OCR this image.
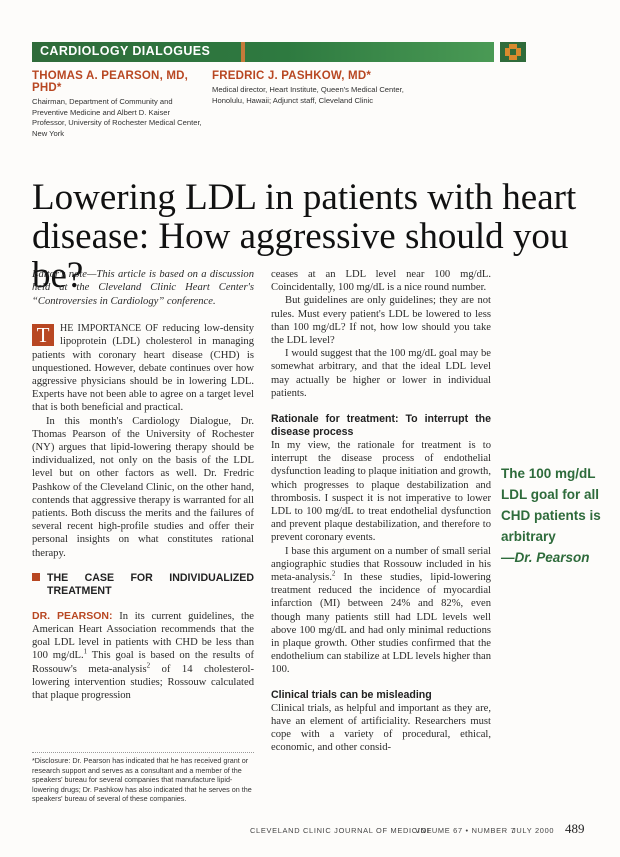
CARDIOLOGY DIALOGUES
THOMAS A. PEARSON, MD, PHD*
Chairman, Department of Community and Preventive Medicine and Albert D. Kaiser Professor, University of Rochester Medical Center, New York
FREDRIC J. PASHKOW, MD*
Medical director, Heart Institute, Queen's Medical Center, Honolulu, Hawaii; Adjunct staff, Cleveland Clinic
Lowering LDL in patients with heart disease: How aggressive should you be?

Editor's note—This article is based on a discussion held at the Cleveland Clinic Heart Center's “Controversies in Cardiology” conference.

T	HE IMPORTANCE OF reducing low-density lipoprotein (LDL) cholesterol in managing patients with coronary heart disease (CHD) is unquestioned. However, debate continues over how aggressive physicians should be in lowering LDL. Experts have not been able to agree on a target level that is both beneficial and practical.

In this month's Cardiology Dialogue, Dr. Thomas Pearson of the University of Rochester (NY) argues that lipid-lowering therapy should be individualized, not only on the basis of the LDL level but on other factors as well. Dr. Fredric Pashkow of the Cleveland Clinic, on the other hand, contends that aggressive therapy is warranted for all patients. Both discuss the merits and the failures of several recent high-profile studies and offer their personal insights on what constitutes rational therapy.

THE CASE FOR INDIVIDUALIZED TREATMENT

DR. PEARSON: In its current guidelines, the American Heart Association recommends that the goal LDL level in patients with CHD be less than 100 mg/dL.$^1$ This goal is based on the results of Rossouw's meta-analysis$^2$ of 14 cholesterol-lowering intervention studies; Rossouw calculated that plaque progression

*Disclosure: Dr. Pearson has indicated that he has received grant or research support and serves as a consultant and a member of the speakers' bureau for several companies that manufacture lipid-lowering drugs; Dr. Pashkow has also indicated that he serves on the speakers' bureau of several of these companies.

ceases at an LDL level near 100 mg/dL. Coincidentally, 100 mg/dL is a nice round number.

But guidelines are only guidelines; they are not rules. Must every patient's LDL be lowered to less than 100 mg/dL? If not, how low should you take the LDL level?

I would suggest that the 100 mg/dL goal may be somewhat arbitrary, and that the ideal LDL level may actually be higher or lower in individual patients.

Rationale for treatment: To interrupt the disease process

In my view, the rationale for treatment is to interrupt the disease process of endothelial dysfunction leading to plaque initiation and growth, which progresses to plaque destabilization and thrombosis. I suspect it is not imperative to lower LDL to 100 mg/dL to treat endothelial dysfunction and prevent plaque destabilization, and therefore to prevent coronary events.

I base this argument on a number of small serial angiographic studies that Rossouw included in his meta-analysis.$^2$ In these studies, lipid-lowering treatment reduced the incidence of myocardial infarction (MI) between 24% and 82%, even though many patients still had LDL levels well above 100 mg/dL and had only minimal reductions in plaque growth. Other studies confirmed that the endothelium can stabilize at LDL levels higher than 100.

Clinical trials can be misleading

Clinical trials, as helpful and important as they are, have an element of artificiality. Researchers must cope with a variety of procedural, ethical, economic, and other consid-

The 100 mg/dL
LDL goal for all
CHD patients is
arbitrary
—Dr. Pearson
CLEVELAND CLINIC JOURNAL OF MEDICINE
VOLUME 67 • NUMBER 7
JULY 2000 489
